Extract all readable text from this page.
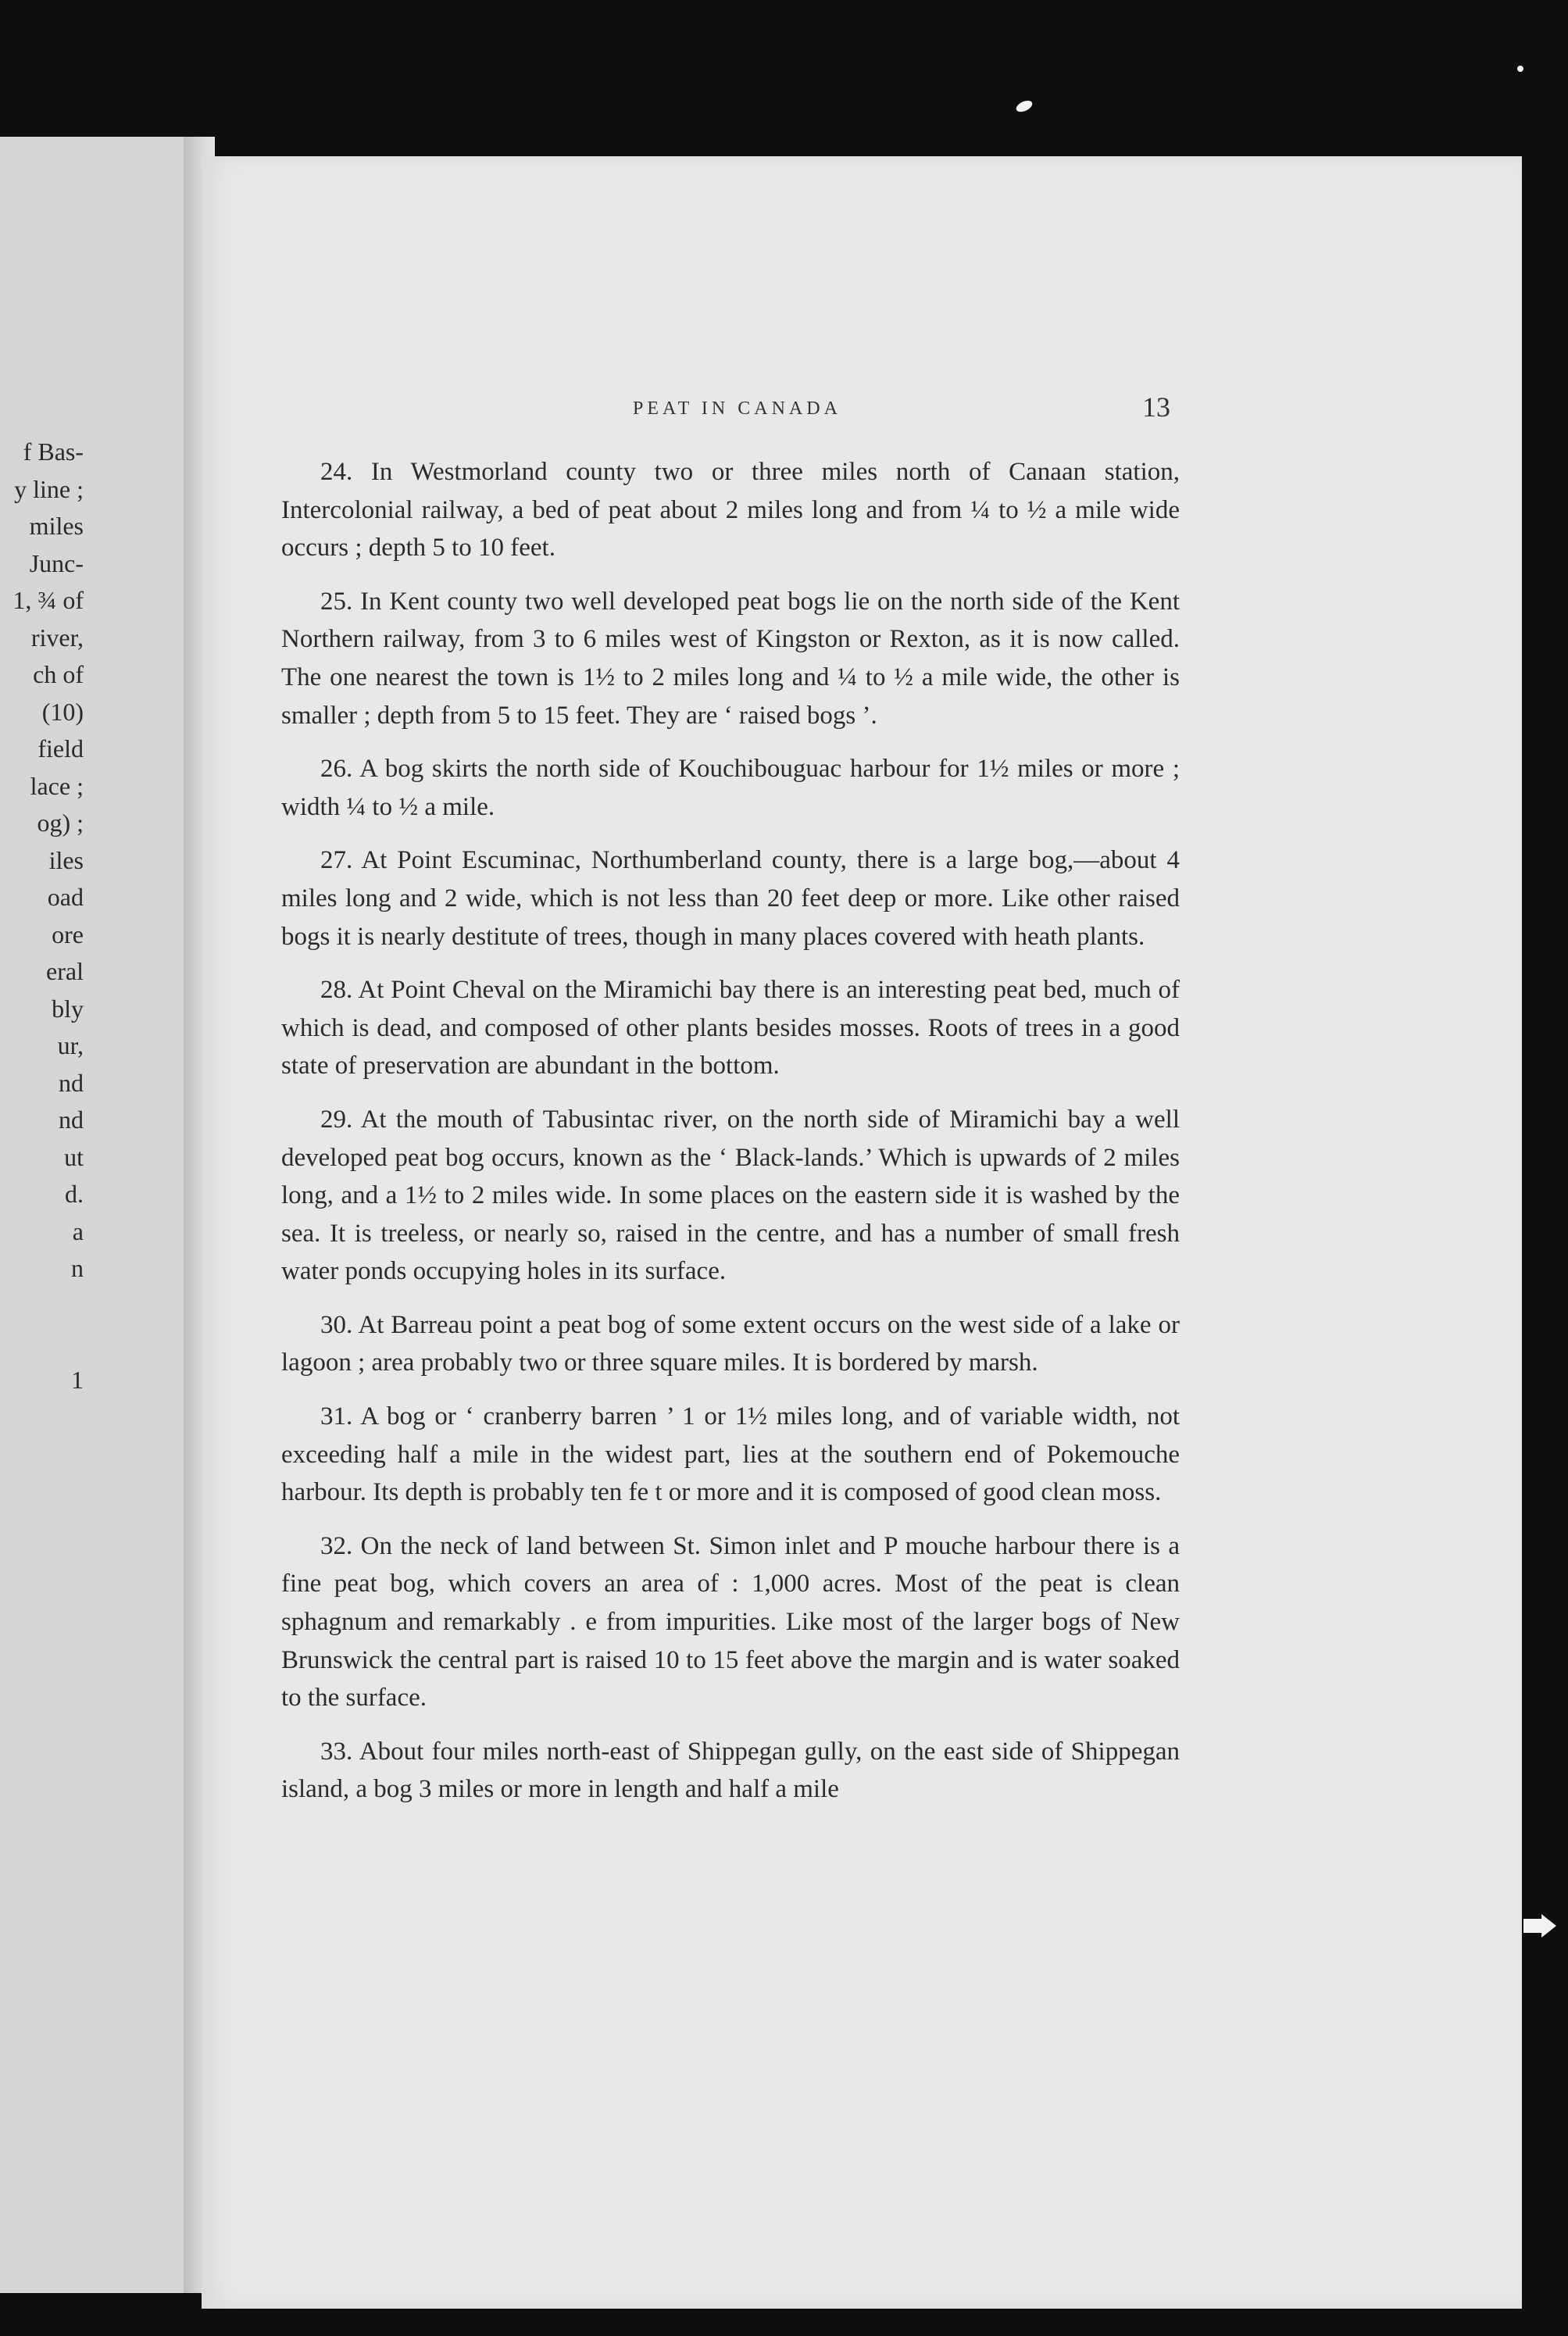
f Bas-
y line ;
miles
Junc-
1, ¾ of
river,
ch of
(10)
field
lace ;
og) ;
iles
oad
ore
eral
bly
ur,
nd
nd
ut
d.
a
n
1
PEAT IN CANADA	13

24. In Westmorland county two or three miles north of Canaan station, Intercolonial railway, a bed of peat about 2 miles long and from ¼ to ½ a mile wide occurs ; depth 5 to 10 feet.

25. In Kent county two well developed peat bogs lie on the north side of the Kent Northern railway, from 3 to 6 miles west of Kingston or Rexton, as it is now called. The one nearest the town is 1½ to 2 miles long and ¼ to ½ a mile wide, the other is smaller ; depth from 5 to 15 feet. They are ‘ raised bogs ’.

26. A bog skirts the north side of Kouchibouguac harbour for 1½ miles or more ; width ¼ to ½ a mile.

27. At Point Escuminac, Northumberland county, there is a large bog,—about 4 miles long and 2 wide, which is not less than 20 feet deep or more. Like other raised bogs it is nearly destitute of trees, though in many places covered with heath plants.

28. At Point Cheval on the Miramichi bay there is an interesting peat bed, much of which is dead, and composed of other plants besides mosses. Roots of trees in a good state of preservation are abundant in the bottom.

29. At the mouth of Tabusintac river, on the north side of Miramichi bay a well developed peat bog occurs, known as the ‘ Black-lands.’ Which is upwards of 2 miles long, and a 1½ to 2 miles wide. In some places on the eastern side it is washed by the sea. It is treeless, or nearly so, raised in the centre, and has a number of small fresh water ponds occupying holes in its surface.

30. At Barreau point a peat bog of some extent occurs on the west side of a lake or lagoon ; area probably two or three square miles. It is bordered by marsh.

31. A bog or ‘ cranberry barren ’ 1 or 1½ miles long, and of variable width, not exceeding half a mile in the widest part, lies at the southern end of Pokemouche harbour. Its depth is probably ten fe t or more and it is composed of good clean moss.

32. On the neck of land between St. Simon inlet and P mouche harbour there is a fine peat bog, which covers an area of : 1,000 acres. Most of the peat is clean sphagnum and remarkably . e from impurities. Like most of the larger bogs of New Brunswick the central part is raised 10 to 15 feet above the margin and is water soaked to the surface.

33. About four miles north-east of Shippegan gully, on the east side of Shippegan island, a bog 3 miles or more in length and half a mile
